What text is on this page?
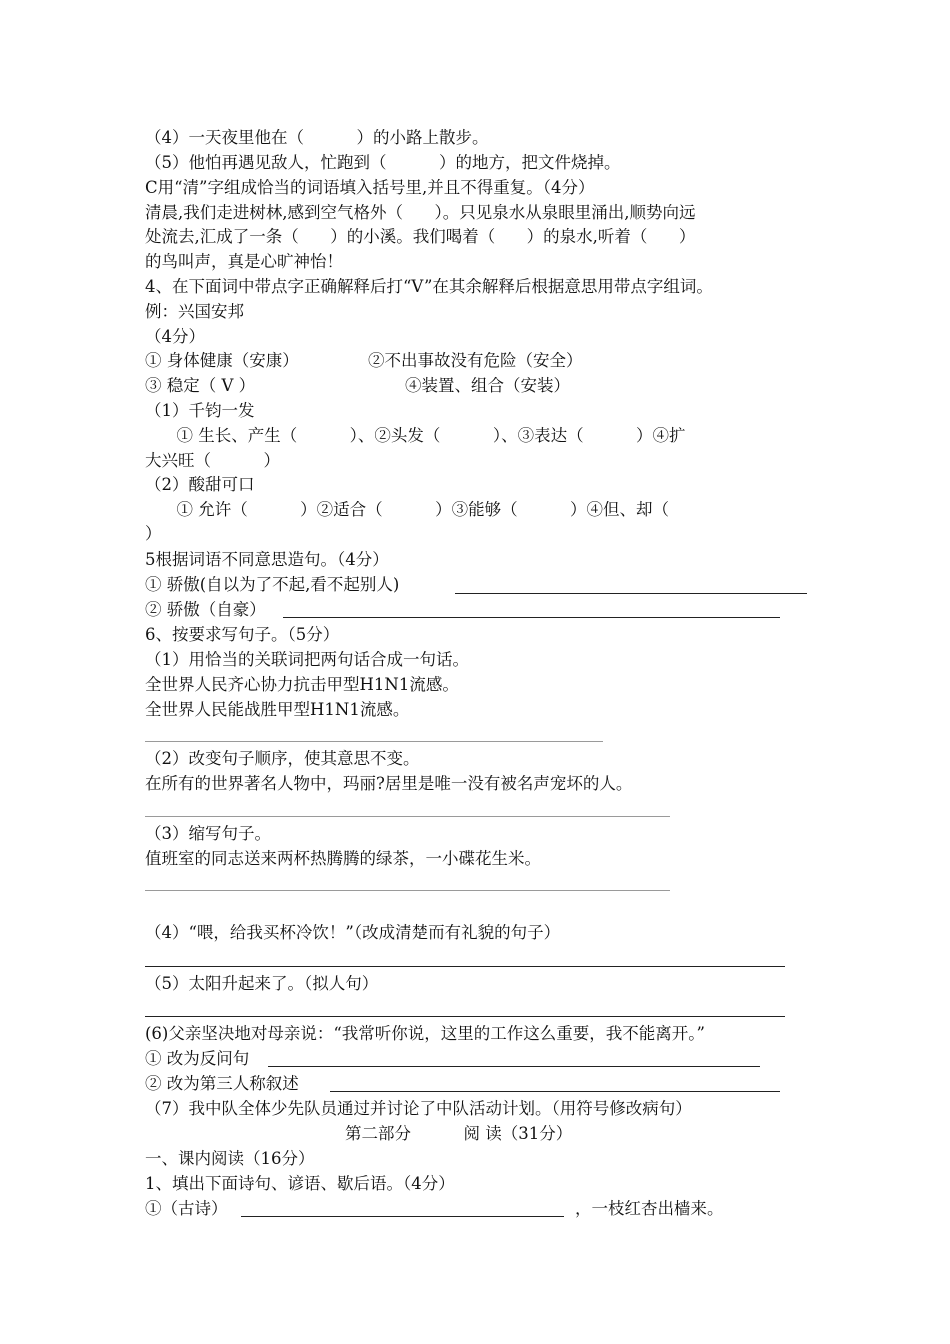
（4）一天夜里他在（          ）的小路上散步。
（5）他怕再遇见敌人，忙跑到（          ）的地方，把文件烧掉。
C用“清”字组成恰当的词语填入括号里,并且不得重复。（4分）
清晨,我们走进树林,感到空气格外（      ）。只见泉水从泉眼里涌出,顺势向远
处流去,汇成了一条（      ）的小溪。我们喝着（      ）的泉水,听着（      ）
的鸟叫声，真是心旷神怡！
4、在下面词中带点字正确解释后打“V”在其余解释后根据意思用带点字组词。
例：兴国安邦
（4分）
① 身体健康（安康）	②不出事故没有危险（安全）
③ 稳定（ V ）	④装置、组合（安装）
（1）千钧一发
① 生长、产生（          ）、②头发（          ）、③表达（          ）④扩
大兴旺（          ）
（2）酸甜可口
① 允许（          ）②适合（          ）③能够（          ）④但、却（
）
5根据词语不同意思造句。（4分）
① 骄傲(自以为了不起,看不起别人)
② 骄傲（自豪）
6、按要求写句子。（5分）
（1）用恰当的关联词把两句话合成一句话。
全世界人民齐心协力抗击甲型H1N1流感。
全世界人民能战胜甲型H1N1流感。
（2）改变句子顺序，使其意思不变。
在所有的世界著名人物中，玛丽?居里是唯一没有被名声宠坏的人。
（3）缩写句子。
值班室的同志送来两杯热腾腾的绿茶，一小碟花生米。
（4）“喂，给我买杯冷饮！”（改成清楚而有礼貌的句子）
（5）太阳升起来了。（拟人句）
(6)父亲坚决地对母亲说：“我常听你说，这里的工作这么重要，我不能离开。”
① 改为反问句
② 改为第三人称叙述
（7）我中队全体少先队员通过并讨论了中队活动计划。（用符号修改病句）
第二部分          阅 读（31分）
一、课内阅读（16分）
1、填出下面诗句、谚语、歇后语。（4分）
①（古诗）	，一枝红杏出樯来。
